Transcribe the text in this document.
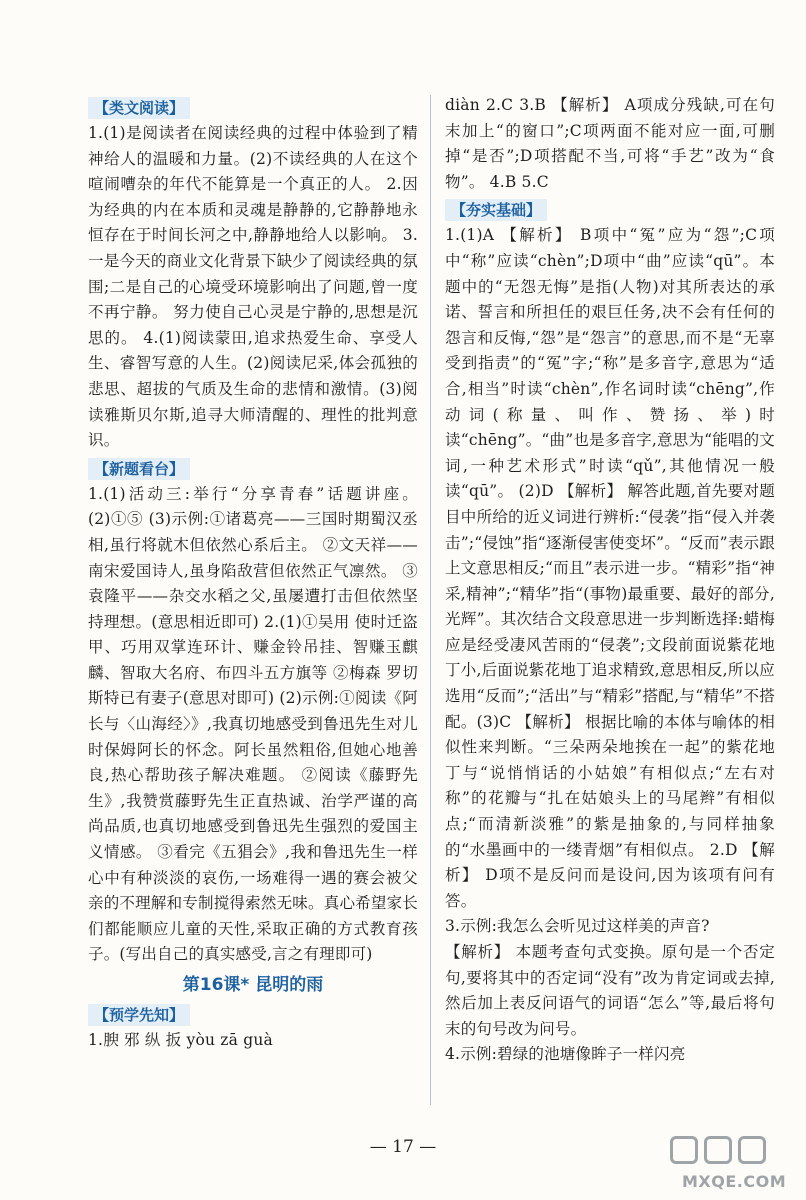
【类文阅读】

1.(1)是阅读者在阅读经典的过程中体验到了精神给人的温暖和力量。(2)不读经典的人在这个喧闹嘈杂的年代不能算是一个真正的人。 2.因为经典的内在本质和灵魂是静静的,它静静地永恒存在于时间长河之中,静静地给人以影响。 3.一是今天的商业文化背景下缺少了阅读经典的氛围;二是自己的心境受环境影响出了问题,曾一度不再宁静。 努力使自己心灵是宁静的,思想是沉思的。 4.(1)阅读蒙田,追求热爱生命、享受人生、睿智写意的人生。(2)阅读尼采,体会孤独的悲思、超拔的气质及生命的悲情和激情。(3)阅读雅斯贝尔斯,追寻大师清醒的、理性的批判意识。

【新题看台】

1.(1)活动三:举行“分享青春”话题讲座。 (2)①⑤ (3)示例:①诸葛亮——三国时期蜀汉丞相,虽行将就木但依然心系后主。 ②文天祥——南宋爱国诗人,虽身陷敌营但依然正气凛然。 ③袁隆平——杂交水稻之父,虽屡遭打击但依然坚持理想。(意思相近即可) 2.(1)①吴用 使时迁盗甲、巧用双掌连环计、赚金铃吊挂、智赚玉麒麟、智取大名府、布四斗五方旗等 ②梅森 罗切斯特已有妻子(意思对即可) (2)示例:①阅读《阿长与〈山海经〉》,我真切地感受到鲁迅先生对儿时保姆阿长的怀念。阿长虽然粗俗,但她心地善良,热心帮助孩子解决难题。 ②阅读《藤野先生》,我赞赏藤野先生正直热诚、治学严谨的高尚品质,也真切地感受到鲁迅先生强烈的爱国主义情感。 ③看完《五猖会》,我和鲁迅先生一样心中有种淡淡的哀伤,一场难得一遇的赛会被父亲的不理解和专制搅得索然无味。真心希望家长们都能顺应儿童的天性,采取正确的方式教育孩子。(写出自己的真实感受,言之有理即可)

第16课* 昆明的雨
【预学先知】

1.腴 邪 纵 扳 yòu zā guà

diàn 2.C 3.B 【解析】 A项成分残缺,可在句末加上“的窗口”;C项两面不能对应一面,可删掉“是否”;D项搭配不当,可将“手艺”改为“食物”。 4.B 5.C

【夯实基础】

1.(1)A 【解析】 B项中“冤”应为“怨”;C项中“称”应读“chèn”;D项中“曲”应读“qū”。本题中的“无怨无悔”是指(人物)对其所表达的承诺、誓言和所担任的艰巨任务,决不会有任何的怨言和反悔,“怨”是“怨言”的意思,而不是“无辜受到指责”的“冤”字;“称”是多音字,意思为“适合,相当”时读“chèn”,作名词时读“chēng”,作动词(称量、叫作、赞扬、举)时读“chēng”。“曲”也是多音字,意思为“能唱的文词,一种艺术形式”时读“qǔ”,其他情况一般读“qū”。 (2)D 【解析】 解答此题,首先要对题目中所给的近义词进行辨析:“侵袭”指“侵入并袭击”;“侵蚀”指“逐渐侵害使变坏”。“反而”表示跟上文意思相反;“而且”表示进一步。“精彩”指“神采,精神”;“精华”指“(事物)最重要、最好的部分,光辉”。其次结合文段意思进一步判断选择:蜡梅应是经受凄风苦雨的“侵袭”;文段前面说紫花地丁小,后面说紫花地丁追求精致,意思相反,所以应选用“反而”;“活出”与“精彩”搭配,与“精华”不搭配。(3)C 【解析】 根据比喻的本体与喻体的相似性来判断。“三朵两朵地挨在一起”的紫花地丁与“说悄悄话的小姑娘”有相似点;“左右对称”的花瓣与“扎在姑娘头上的马尾辫”有相似点;“而清新淡雅”的紫是抽象的,与同样抽象的“水墨画中的一缕青烟”有相似点。 2.D 【解析】 D项不是反问而是设问,因为该项有问有答。

3.示例:我怎么会听见过这样美的声音?

【解析】 本题考查句式变换。原句是一个否定句,要将其中的否定词“没有”改为肯定词或去掉,然后加上表反问语气的词语“怎么”等,最后将句末的句号改为问号。

4.示例:碧绿的池塘像眸子一样闪亮

— 17 —
MXQE.COM
